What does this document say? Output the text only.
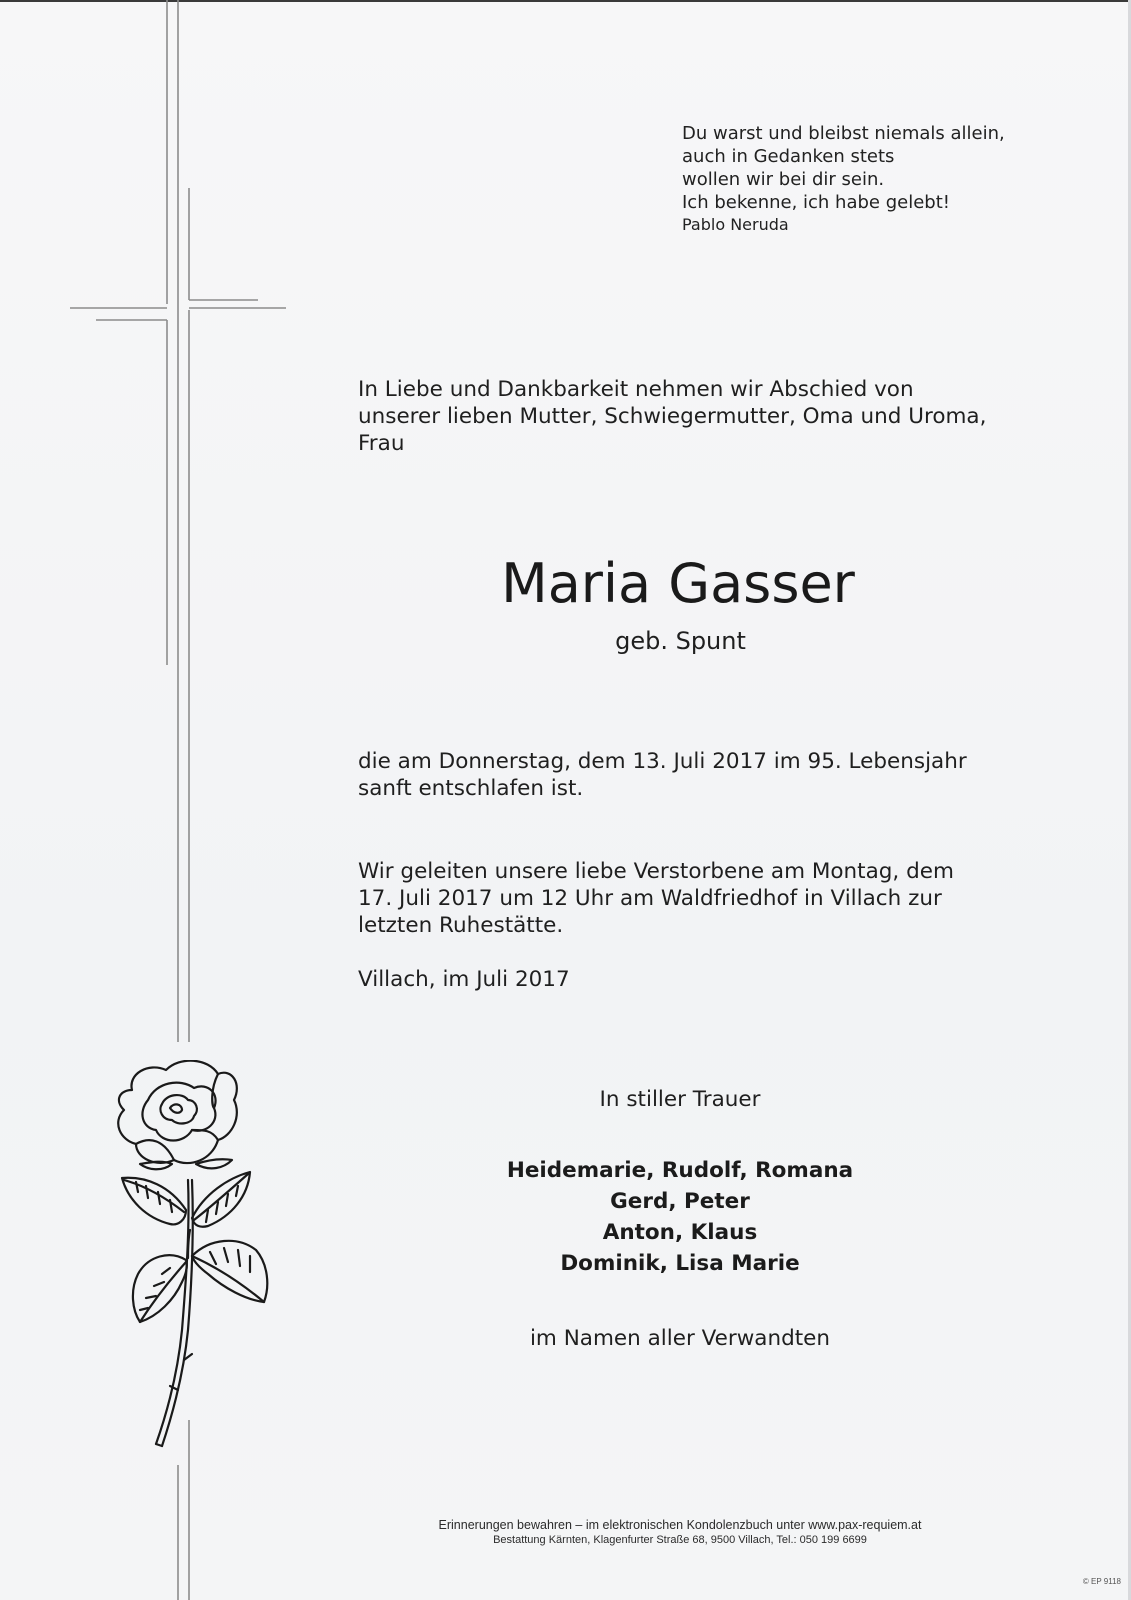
Du warst und bleibst niemals allein,
auch in Gedanken stets
wollen wir bei dir sein.
Ich bekenne, ich habe gelebt!
Pablo Neruda
In Liebe und Dankbarkeit nehmen wir Abschied von
unserer lieben Mutter, Schwiegermutter, Oma und Uroma,
Frau
Maria Gasser
geb. Spunt
die am Donnerstag, dem 13. Juli 2017 im 95. Lebensjahr
sanft entschlafen ist.
Wir geleiten unsere liebe Verstorbene am Montag, dem
17. Juli 2017 um 12 Uhr am Waldfriedhof in Villach zur
letzten Ruhestätte.
Villach, im Juli 2017
In stiller Trauer
Heidemarie, Rudolf, Romana
Gerd, Peter
Anton, Klaus
Dominik, Lisa Marie
im Namen aller Verwandten
Erinnerungen bewahren – im elektronischen Kondolenzbuch unter www.pax-requiem.at
Bestattung Kärnten, Klagenfurter Straße 68, 9500 Villach, Tel.: 050 199 6699
© EP 9118
